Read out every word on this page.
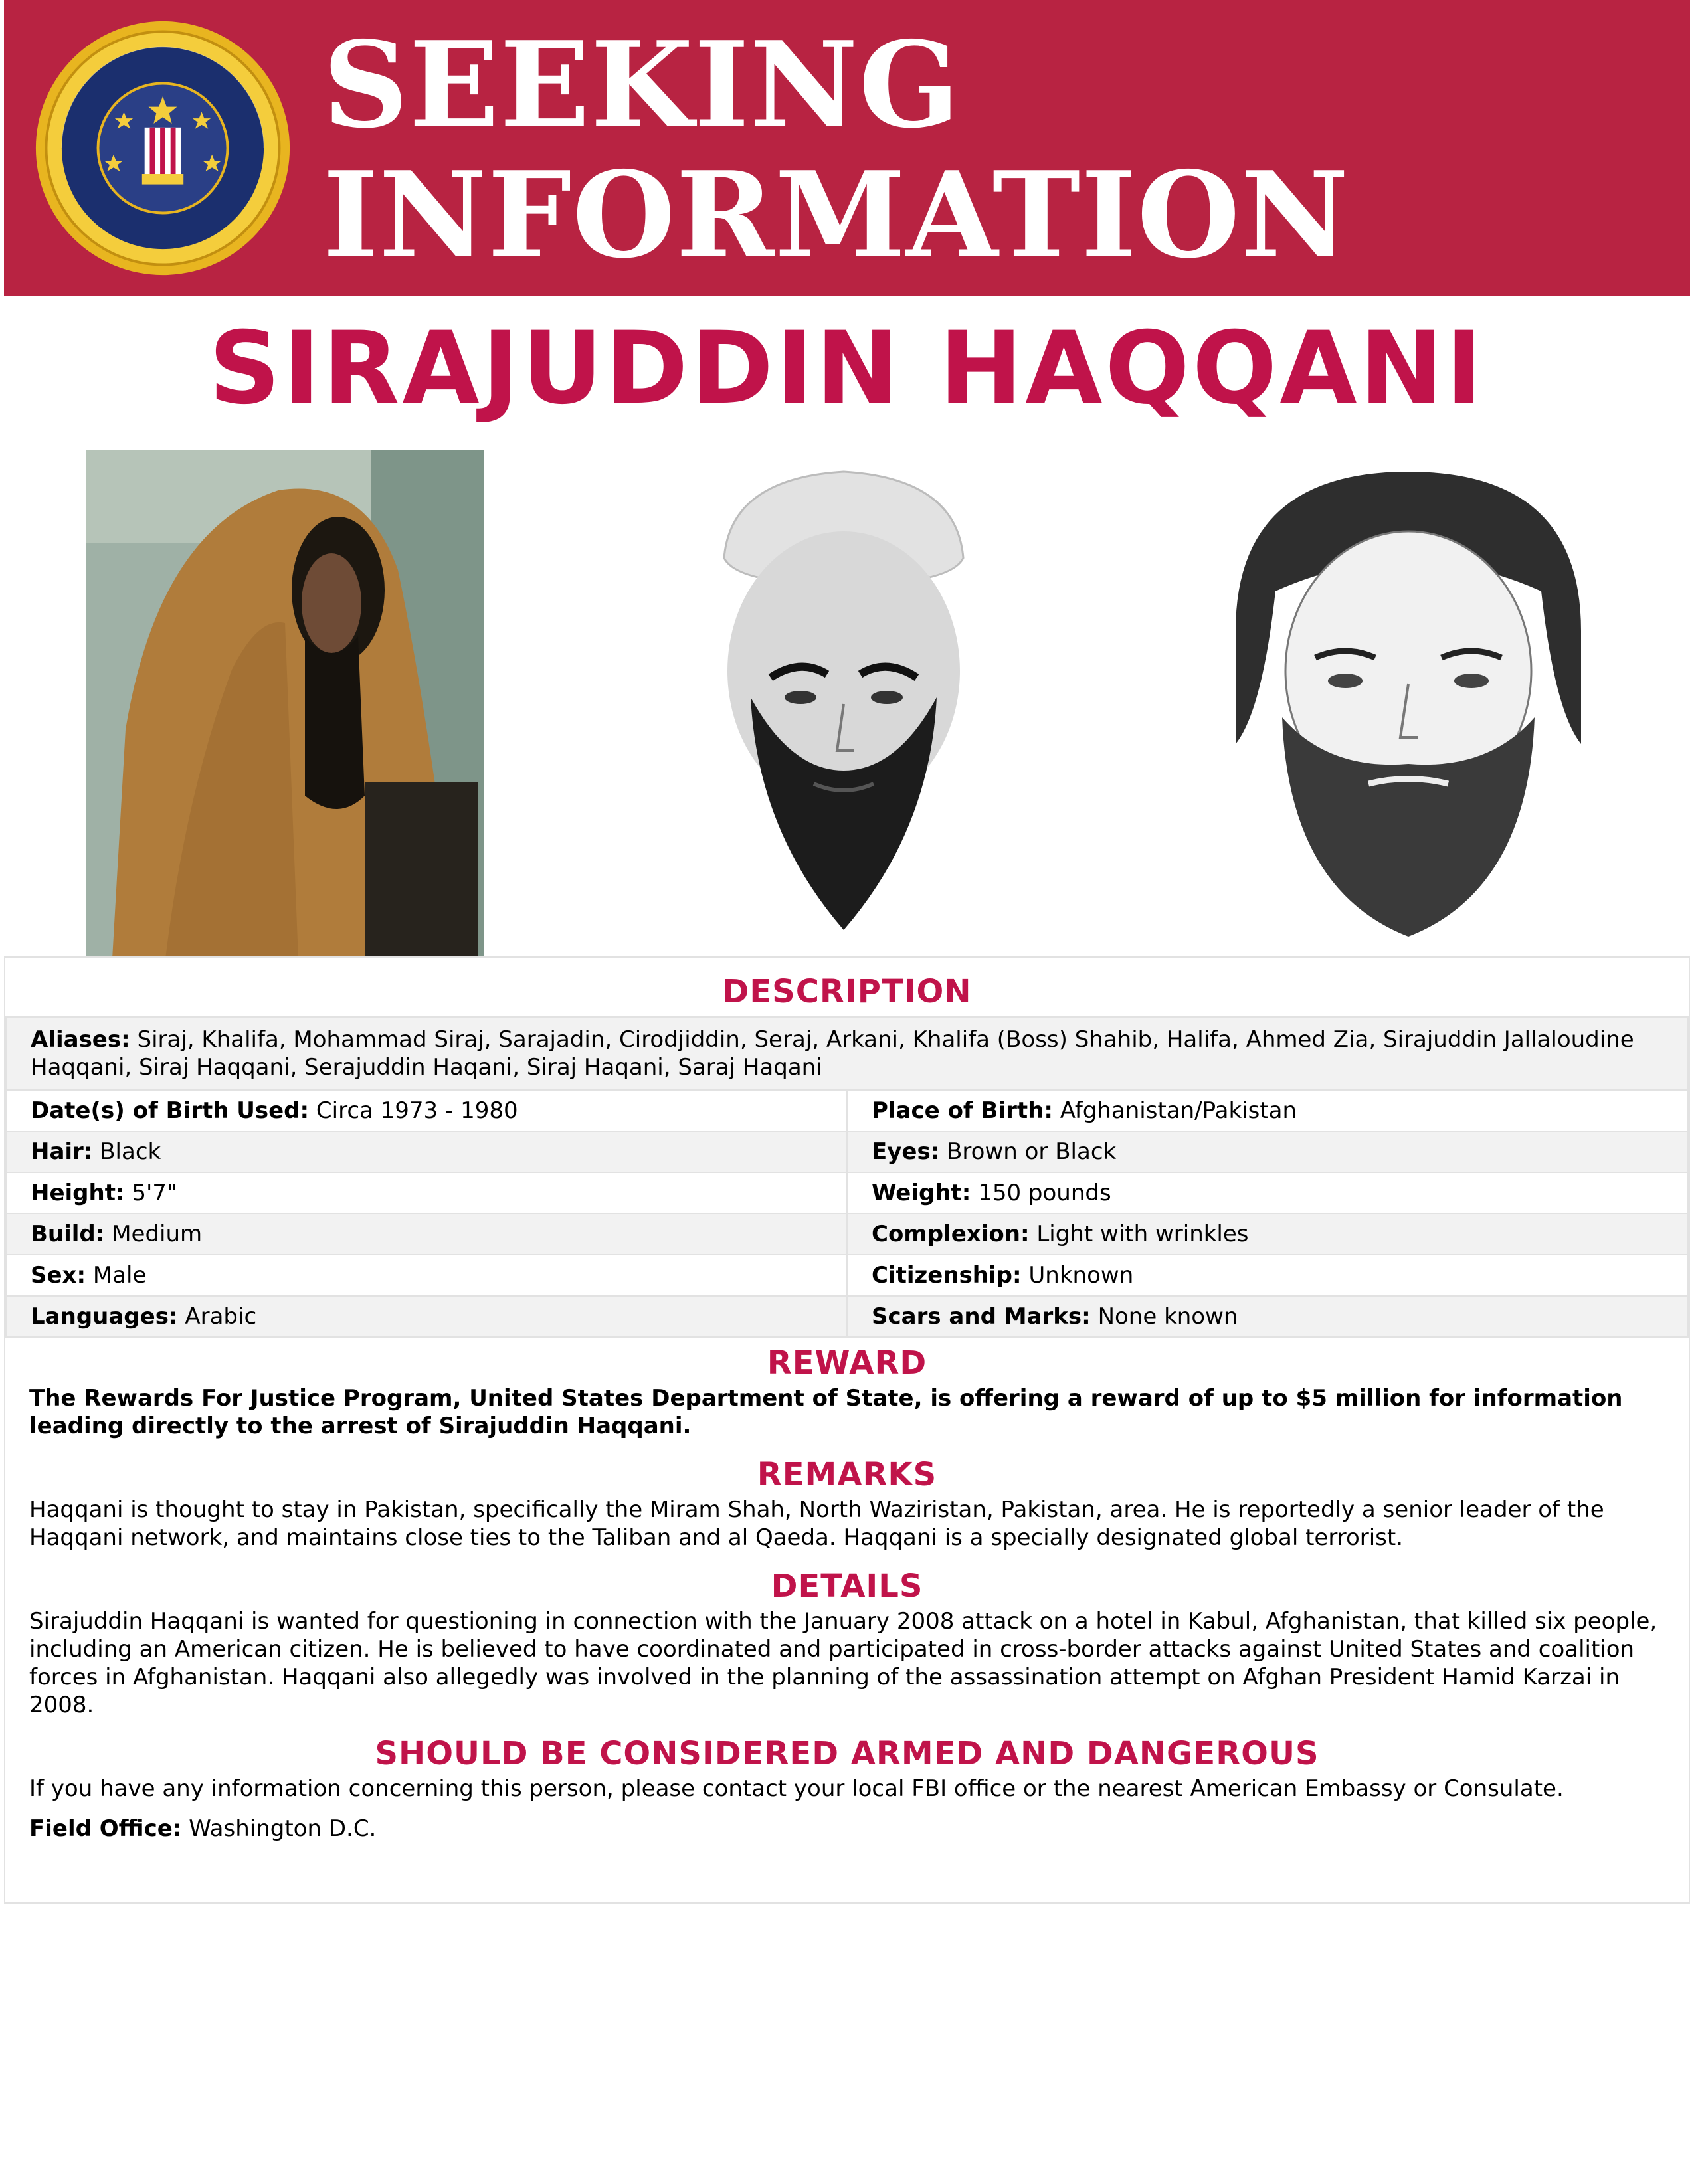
SEEKING
INFORMATION
SIRAJUDDIN HAQQANI
DESCRIPTION
Aliases: Siraj, Khalifa, Mohammad Siraj, Sarajadin, Cirodjiddin, Seraj, Arkani, Khalifa (Boss) Shahib, Halifa, Ahmed Zia, Sirajuddin Jallaloudine Haqqani, Siraj Haqqani, Serajuddin Haqani, Siraj Haqani, Saraj Haqani	
Date(s) of Birth Used: Circa 1973 - 1980	Place of Birth: Afghanistan/Pakistan
Hair: Black	Eyes: Brown or Black
Height: 5'7"	Weight: 150 pounds
Build: Medium	Complexion: Light with wrinkles
Sex: Male	Citizenship: Unknown
Languages: Arabic	Scars and Marks: None known
REWARD
The Rewards For Justice Program, United States Department of State, is offering a reward of up to $5 million for information leading directly to the arrest of Sirajuddin Haqqani.
REMARKS
Haqqani is thought to stay in Pakistan, specifically the Miram Shah, North Waziristan, Pakistan, area. He is reportedly a senior leader of the Haqqani network, and maintains close ties to the Taliban and al Qaeda. Haqqani is a specially designated global terrorist.
DETAILS
Sirajuddin Haqqani is wanted for questioning in connection with the January 2008 attack on a hotel in Kabul, Afghanistan, that killed six people, including an American citizen. He is believed to have coordinated and participated in cross-border attacks against United States and coalition forces in Afghanistan. Haqqani also allegedly was involved in the planning of the assassination attempt on Afghan President Hamid Karzai in 2008.
SHOULD BE CONSIDERED ARMED AND DANGEROUS
If you have any information concerning this person, please contact your local FBI office or the nearest American Embassy or Consulate.
Field Office: Washington D.C.
